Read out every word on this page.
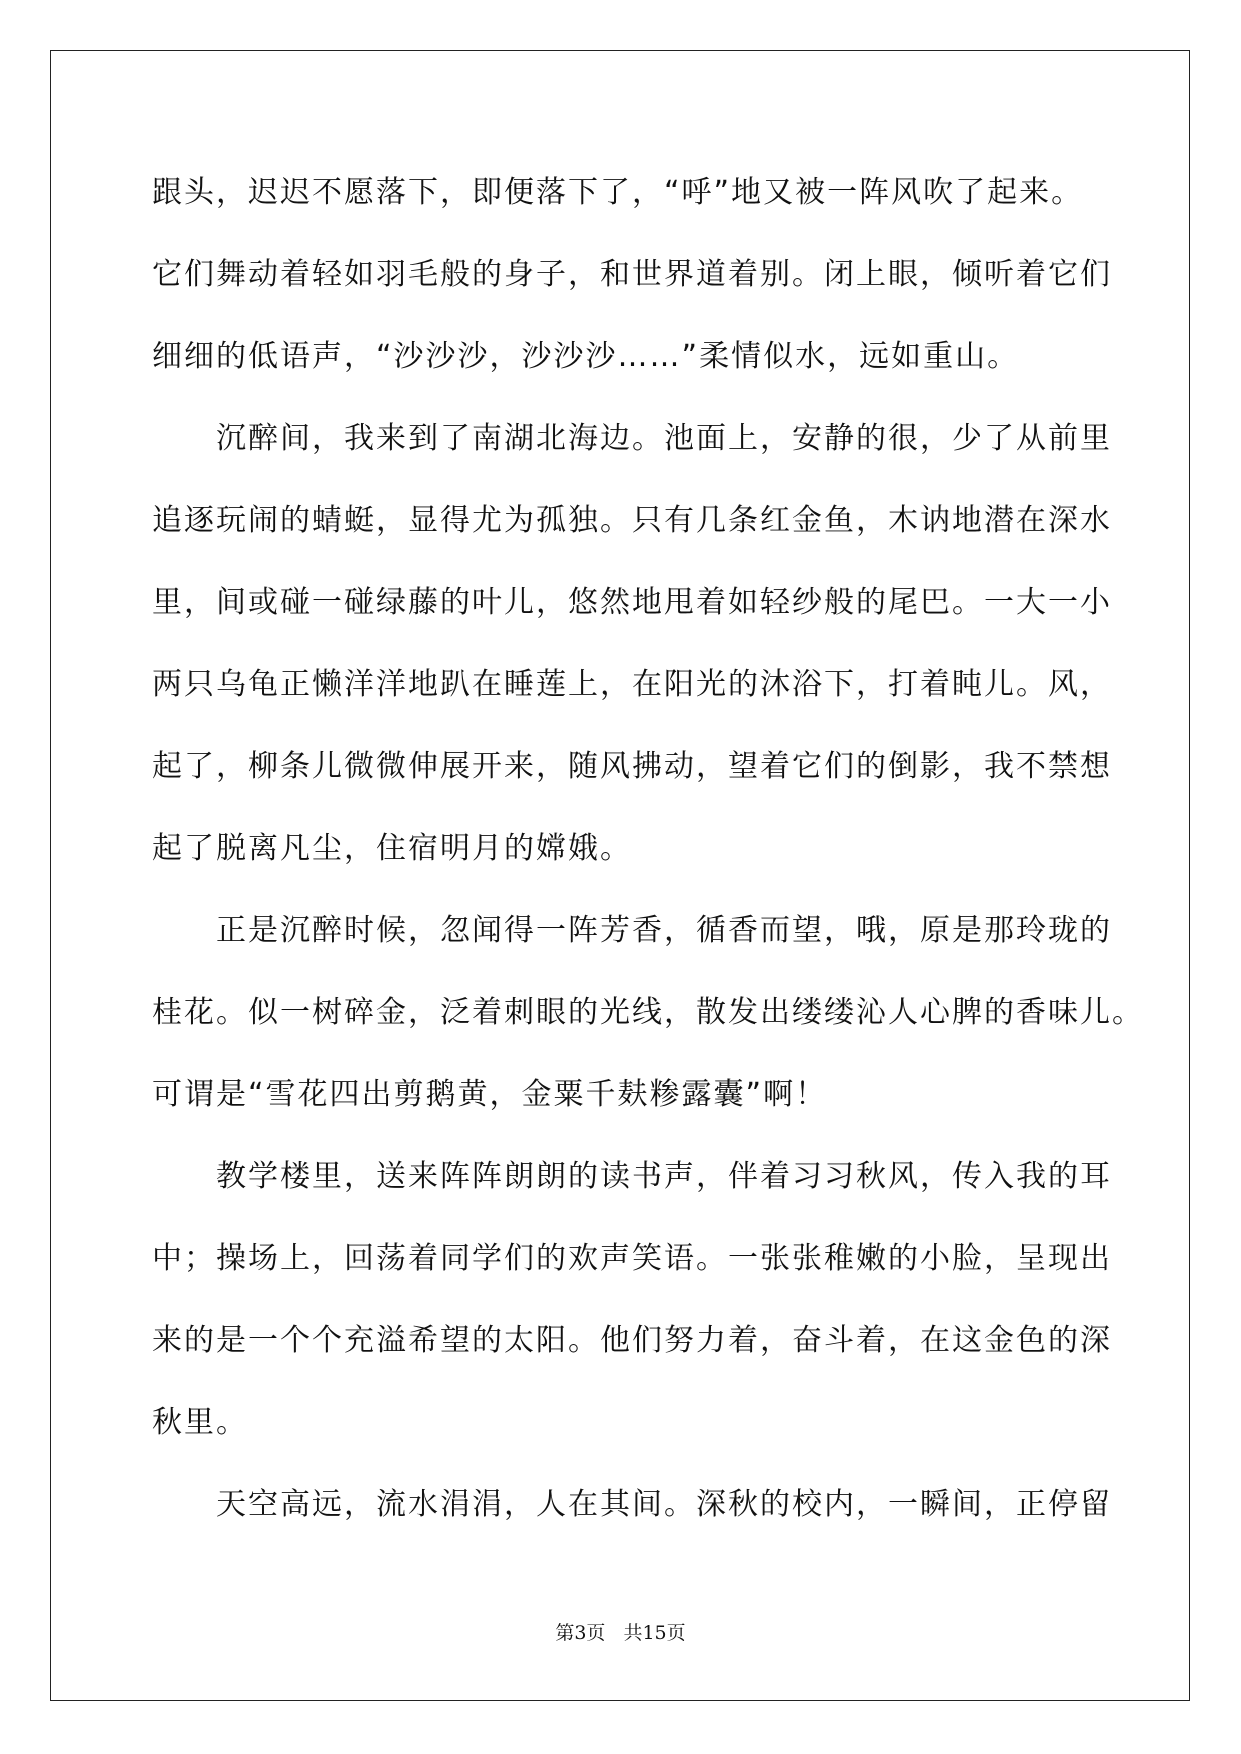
跟头，迟迟不愿落下，即便落下了，“呼”地又被一阵风吹了起来。

它们舞动着轻如羽毛般的身子，和世界道着别。闭上眼，倾听着它们

细细的低语声，“沙沙沙，沙沙沙……”柔情似水，远如重山。

沉醉间，我来到了南湖北海边。池面上，安静的很，少了从前里

追逐玩闹的蜻蜓，显得尤为孤独。只有几条红金鱼，木讷地潜在深水

里，间或碰一碰绿藤的叶儿，悠然地甩着如轻纱般的尾巴。一大一小

两只乌龟正懒洋洋地趴在睡莲上，在阳光的沐浴下，打着盹儿。风，

起了，柳条儿微微伸展开来，随风拂动，望着它们的倒影，我不禁想

起了脱离凡尘，住宿明月的嫦娥。

正是沉醉时候，忽闻得一阵芳香，循香而望，哦，原是那玲珑的

桂花。似一树碎金，泛着刺眼的光线，散发出缕缕沁人心脾的香味儿。

可谓是“雪花四出剪鹅黄，金粟千麸糁露囊”啊！

教学楼里，送来阵阵朗朗的读书声，伴着习习秋风，传入我的耳

中；操场上，回荡着同学们的欢声笑语。一张张稚嫩的小脸，呈现出

来的是一个个充溢希望的太阳。他们努力着，奋斗着，在这金色的深

秋里。

天空高远，流水涓涓，人在其间。深秋的校内，一瞬间，正停留

第3页 共15页
